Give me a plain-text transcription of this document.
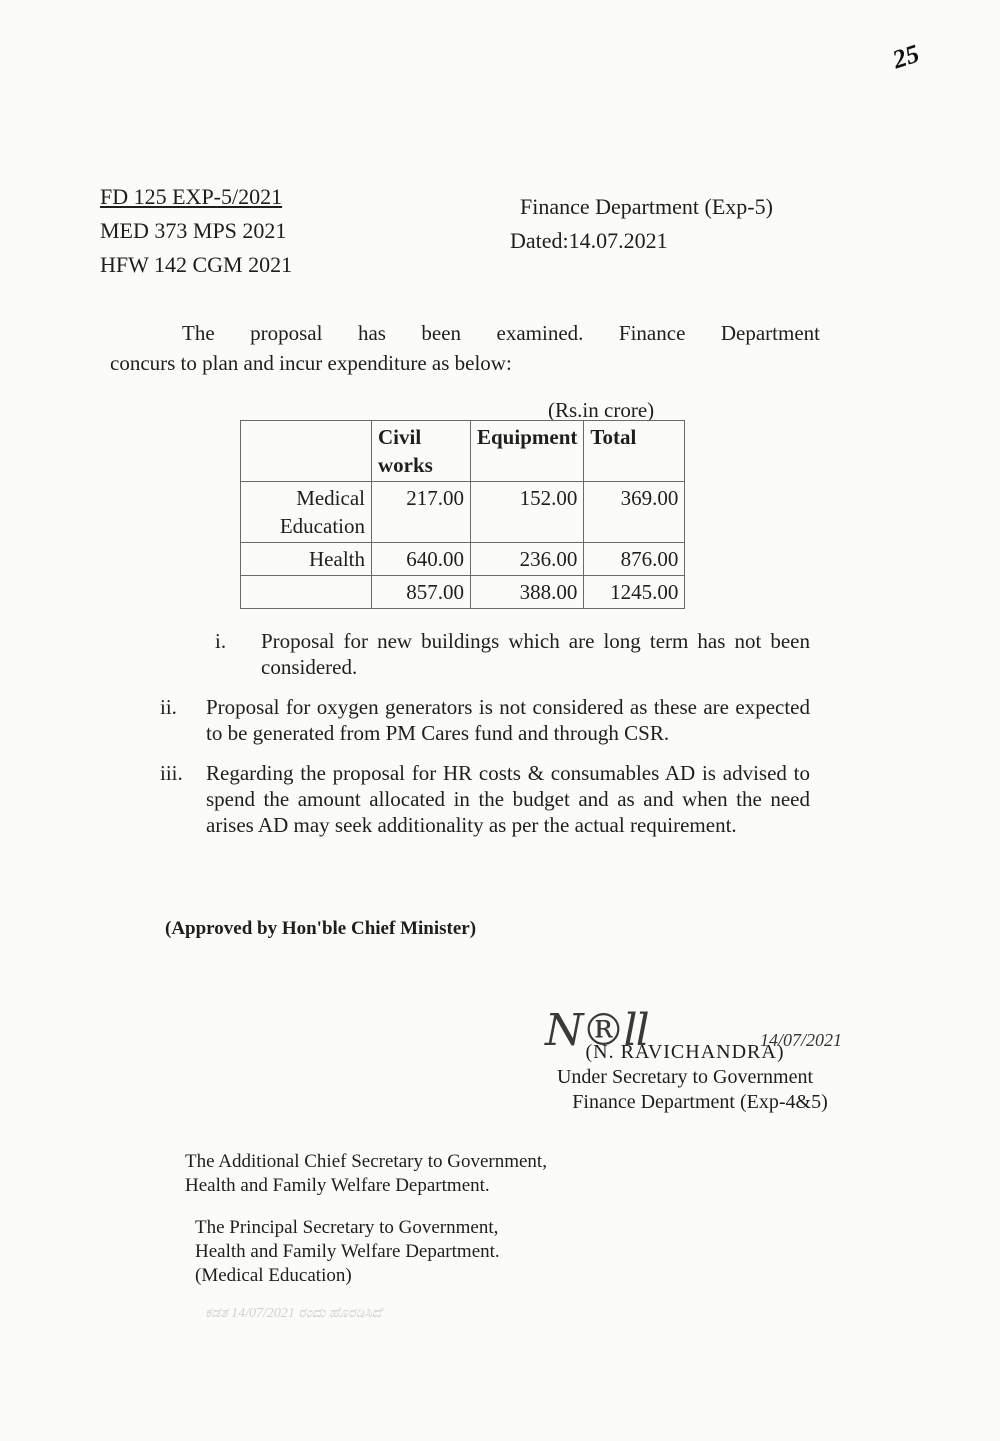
25
FD 125 EXP-5/2021
MED 373 MPS 2021
HFW 142 CGM 2021
Finance Department (Exp-5)
Dated:14.07.2021
The proposal has been examined. Finance Department
concurs to plan and incur expenditure as below:
(Rs.in crore)
	Civil works	Equipment	Total
Medical Education	217.00	152.00	369.00
Health	640.00	236.00	876.00
	857.00	388.00	1245.00
i.	Proposal for new buildings which are long term has not been considered.
ii.	Proposal for oxygen generators is not considered as these are expected to be generated from PM Cares fund and through CSR.
iii.	Regarding the proposal for HR costs & consumables AD is advised to spend the amount allocated in the budget and as and when the need arises AD may seek additionality as per the actual requirement.
(Approved by Hon'ble Chief Minister)
N®ll	14/07/2021
(N. RAVICHANDRA)
Under Secretary to Government
Finance Department (Exp-4&5)
The Additional Chief Secretary to Government,
Health and Family Welfare Department.
The Principal Secretary to Government,
Health and Family Welfare Department.
(Medical Education)
ಕಡತ 14/07/2021 ರಂದು ಹೊರಡಿಸಿದೆ
